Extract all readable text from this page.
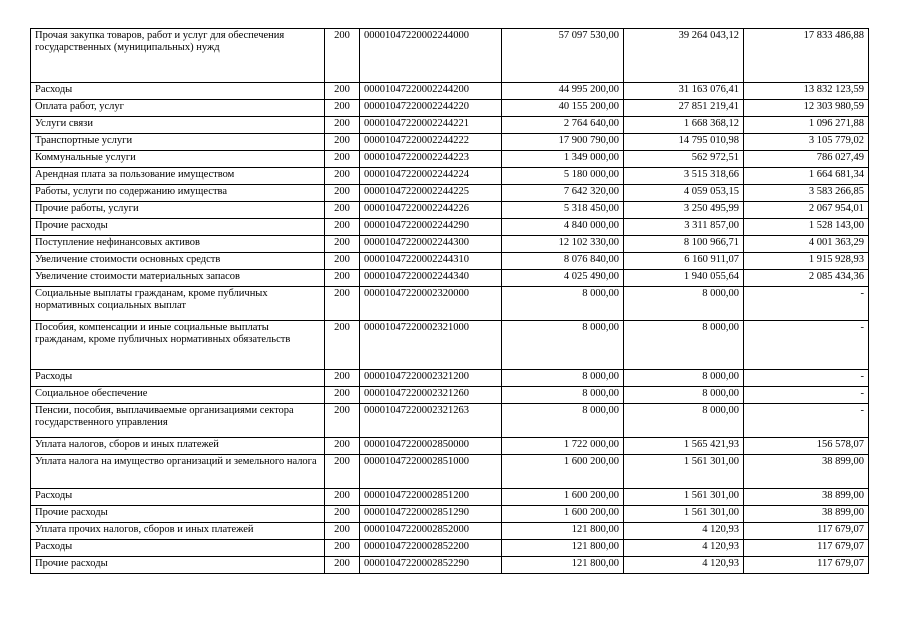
Прочая закупка товаров, работ и услуг для обеспечения государственных (муниципальных) нужд	200	00001047220002244000	57 097 530,00	39 264 043,12	17 833 486,88
Расходы	200	00001047220002244200	44 995 200,00	31 163 076,41	13 832 123,59
Оплата работ, услуг	200	00001047220002244220	40 155 200,00	27 851 219,41	12 303 980,59
Услуги связи	200	00001047220002244221	2 764 640,00	1 668 368,12	1 096 271,88
Транспортные услуги	200	00001047220002244222	17 900 790,00	14 795 010,98	3 105 779,02
Коммунальные услуги	200	00001047220002244223	1 349 000,00	562 972,51	786 027,49
Арендная плата за пользование имуществом	200	00001047220002244224	5 180 000,00	3 515 318,66	1 664 681,34
Работы, услуги по содержанию имущества	200	00001047220002244225	7 642 320,00	4 059 053,15	3 583 266,85
Прочие работы, услуги	200	00001047220002244226	5 318 450,00	3 250 495,99	2 067 954,01
Прочие расходы	200	00001047220002244290	4 840 000,00	3 311 857,00	1 528 143,00
Поступление нефинансовых активов	200	00001047220002244300	12 102 330,00	8 100 966,71	4 001 363,29
Увеличение стоимости основных средств	200	00001047220002244310	8 076 840,00	6 160 911,07	1 915 928,93
Увеличение стоимости материальных запасов	200	00001047220002244340	4 025 490,00	1 940 055,64	2 085 434,36
Социальные выплаты гражданам, кроме публичных нормативных социальных выплат	200	00001047220002320000	8 000,00	8 000,00	-
Пособия, компенсации и иные социальные выплаты гражданам, кроме публичных нормативных обязательств	200	00001047220002321000	8 000,00	8 000,00	-
Расходы	200	00001047220002321200	8 000,00	8 000,00	-
Социальное обеспечение	200	00001047220002321260	8 000,00	8 000,00	-
Пенсии, пособия, выплачиваемые организациями сектора государственного управления	200	00001047220002321263	8 000,00	8 000,00	-
Уплата налогов, сборов и иных платежей	200	00001047220002850000	1 722 000,00	1 565 421,93	156 578,07
Уплата налога на имущество организаций и земельного налога	200	00001047220002851000	1 600 200,00	1 561 301,00	38 899,00
Расходы	200	00001047220002851200	1 600 200,00	1 561 301,00	38 899,00
Прочие расходы	200	00001047220002851290	1 600 200,00	1 561 301,00	38 899,00
Уплата прочих налогов, сборов и иных платежей	200	00001047220002852000	121 800,00	4 120,93	117 679,07
Расходы	200	00001047220002852200	121 800,00	4 120,93	117 679,07
Прочие расходы	200	00001047220002852290	121 800,00	4 120,93	117 679,07
